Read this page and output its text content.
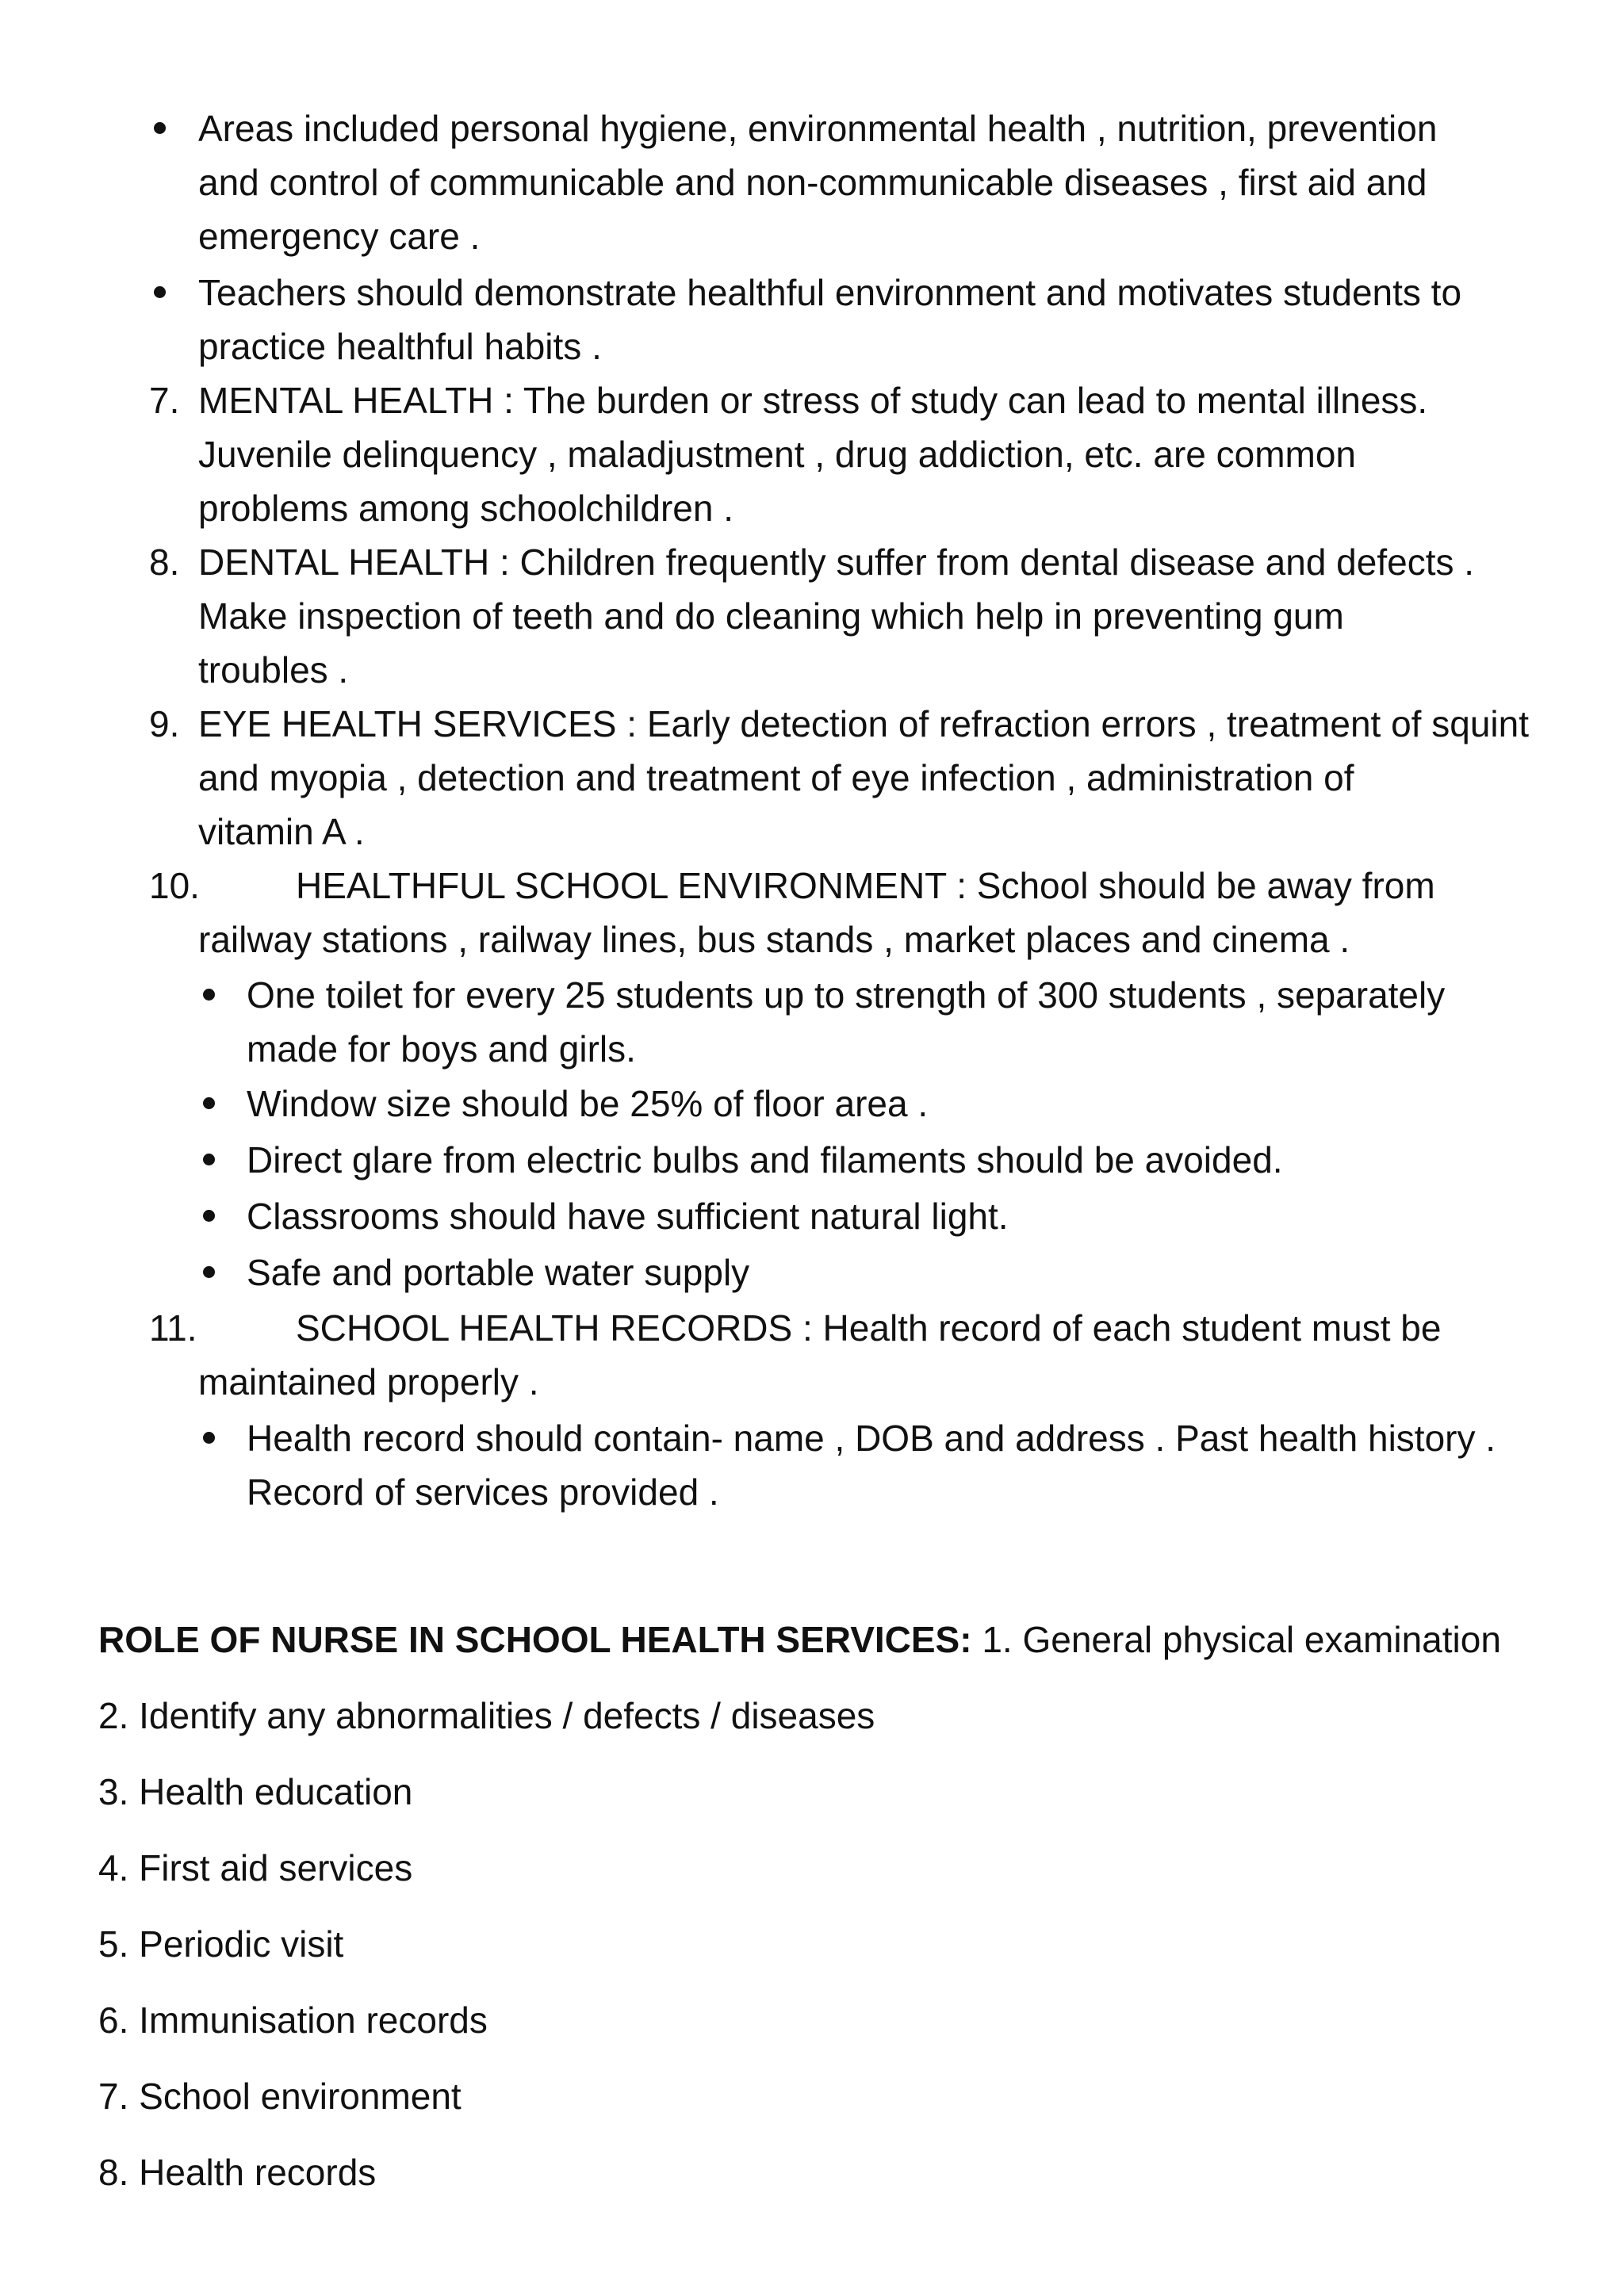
Areas included personal hygiene, environmental health , nutrition, prevention
and control of communicable and non-communicable diseases , first aid and
emergency care .
Teachers should demonstrate healthful environment and motivates students to
practice healthful habits .
7. MENTAL HEALTH : The burden or stress of study can lead to mental illness.
Juvenile delinquency , maladjustment , drug addiction, etc. are common
problems among schoolchildren .
8. DENTAL HEALTH : Children frequently suffer from dental disease and defects .
Make inspection of teeth and do cleaning which help in preventing gum
troubles .
9. EYE HEALTH SERVICES : Early detection of refraction errors , treatment of squint
and myopia , detection and treatment of eye infection , administration of
vitamin A .
10.	HEALTHFUL SCHOOL ENVIRONMENT : School should be away from
railway stations , railway lines, bus stands , market places and cinema .
One toilet for every 25 students up to strength of 300 students , separately
made for boys and girls.
Window size should be 25% of floor area .
Direct glare from electric bulbs and filaments should be avoided.
Classrooms should have sufficient natural light.
Safe and portable water supply
11.	SCHOOL HEALTH RECORDS : Health record of each student must be
maintained properly .
Health record should contain- name , DOB and address . Past health history .
Record of services provided .
ROLE OF NURSE IN SCHOOL HEALTH SERVICES: 1. General physical examination
2. Identify any abnormalities / defects / diseases
3. Health education
4. First aid services
5. Periodic visit
6. Immunisation records
7. School environment
8. Health records
